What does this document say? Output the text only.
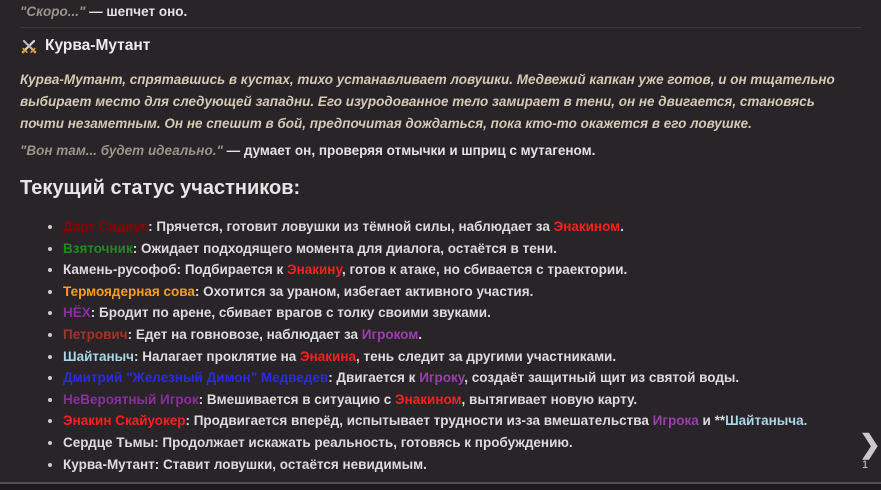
"Скоро..." — шепчет оно.

Курва-Мутант

Курва-Мутант, спрятавшись в кустах, тихо устанавливает ловушки. Медвежий капкан уже готов, и он тщательно выбирает место для следующей западни. Его изуродованное тело замирает в тени, он не двигается, становясь почти незаметным. Он не спешит в бой, предпочитая дождаться, пока кто-то окажется в его ловушке.

"Вон там... будет идеально." — думает он, проверяя отмычки и шприц с мутагеном.

Текущий статус участников:
• Дарт Сидиус: Прячется, готовит ловушки из тёмной силы, наблюдает за Энакином.
• Взяточник: Ожидает подходящего момента для диалога, остаётся в тени.
• Камень-русофоб: Подбирается к Энакину, готов к атаке, но сбивается с траектории.
• Термоядерная сова: Охотится за ураном, избегает активного участия.
• НЁХ: Бродит по арене, сбивает врагов с толку своими звуками.
• Петрович: Едет на говновозе, наблюдает за Игроком.
• Шайтаныч: Налагает проклятие на Энакина, тень следит за другими участниками.
• Дмитрий "Железный Димон" Медведев: Двигается к Игроку, создаёт защитный щит из святой воды.
• НеВероятный Игрок: Вмешивается в ситуацию с Энакином, вытягивает новую карту.
• Энакин Скайуокер: Продвигается вперёд, испытывает трудности из-за вмешательства Игрока и **Шайтаныча.
• Сердце Тьмы: Продолжает искажать реальность, готовясь к пробуждению.
• Курва-Мутант: Ставит ловушки, остаётся невидимым.
❯
1
